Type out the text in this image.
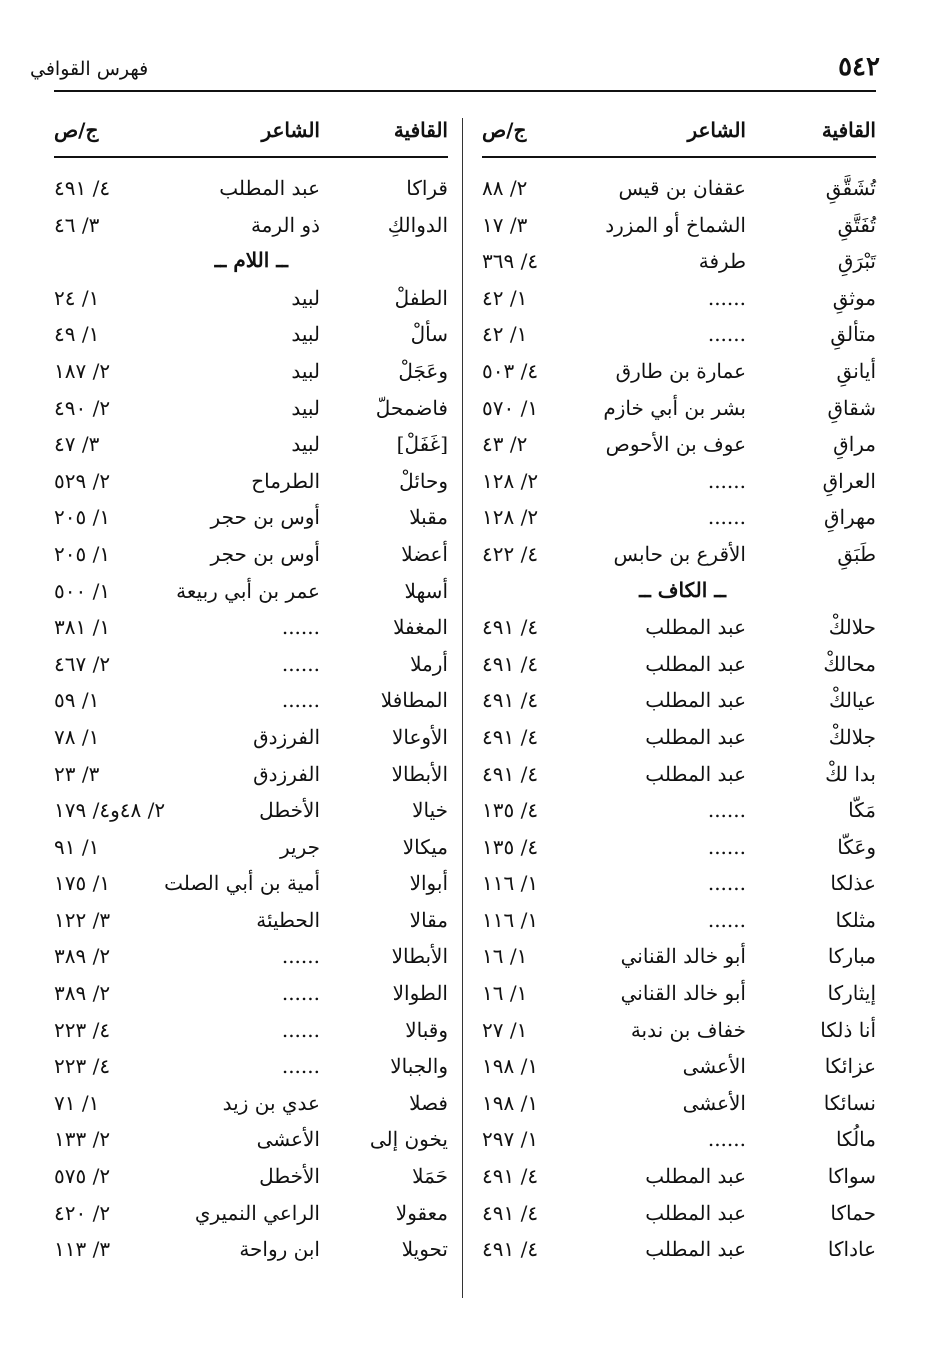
٥٤٢
فهرس القوافي
القافية
الشاعر
ج/ص
تُشَقَّقِ
عقفان بن قيس
٢/ ٨٨
تُفَتَّقِ
الشماخ أو المزرد
٣/ ١٧
تَبْرَقِ
طرفة
٤/ ٣٦٩
موثقِ
......
١/ ٤٢
متألقِ
......
١/ ٤٢
أيانقِ
عمارة بن طارق
٤/ ٥٠٣
شقاقِ
بشر بن أبي خازم
١/ ٥٧٠
مراقِ
عوف بن الأحوص
٢/ ٤٣
العراقِ
......
٢/ ١٢٨
مهراقِ
......
٢/ ١٢٨
طَبَقِ
الأقرع بن حابس
٤/ ٤٢٢
ــ الكاف ــ
حلالكْ
عبد المطلب
٤/ ٤٩١
محالكْ
عبد المطلب
٤/ ٤٩١
عيالكْ
عبد المطلب
٤/ ٤٩١
جلالكْ
عبد المطلب
٤/ ٤٩١
بدا لكْ
عبد المطلب
٤/ ٤٩١
مَكّا
......
٤/ ١٣٥
وعَكّا
......
٤/ ١٣٥
عذلكا
......
١/ ١١٦
مثلكا
......
١/ ١١٦
مباركا
أبو خالد القناني
١/ ١٦
إيثاركا
أبو خالد القناني
١/ ١٦
أنا ذلكا
خفاف بن ندبة
١/ ٢٧
عزائكا
الأعشى
١/ ١٩٨
نسائكا
الأعشى
١/ ١٩٨
مالُكا
......
١/ ٢٩٧
سواكا
عبد المطلب
٤/ ٤٩١
حماكا
عبد المطلب
٤/ ٤٩١
عاداكا
عبد المطلب
٤/ ٤٩١
القافية
الشاعر
ج/ص
قراكا
عبد المطلب
٤/ ٤٩١
الدوالكِ
ذو الرمة
٣/ ٤٦
ــ اللام ــ
الطفلْ
لبيد
١/ ٢٤
سألْ
لبيد
١/ ٤٩
وعَجَلْ
لبيد
٢/ ١٨٧
فاضمحلّ
لبيد
٢/ ٤٩٠
[غَفَلْ]
لبيد
٣/ ٤٧
وحائلْ
الطرماح
٢/ ٥٢٩
مقبلا
أوس بن حجر
١/ ٢٠٥
أعضلا
أوس بن حجر
١/ ٢٠٥
أسهلا
عمر بن أبي ربيعة
١/ ٥٠٠
المغفلا
......
١/ ٣٨١
أرملا
......
٢/ ٤٦٧
المطافلا
......
١/ ٥٩
الأوعالا
الفرزدق
١/ ٧٨
الأبطالا
الفرزدق
٣/ ٢٣
خيالا
الأخطل
٢/ ٤٨و٤/ ١٧٩
ميكالا
جرير
١/ ٩١
أبوالا
أمية بن أبي الصلت
١/ ١٧٥
مقالا
الحطيئة
٣/ ١٢٢
الأبطالا
......
٢/ ٣٨٩
الطوالا
......
٢/ ٣٨٩
وقبالا
......
٤/ ٢٢٣
والجبالا
......
٤/ ٢٢٣
فصلا
عدي بن زيد
١/ ٧١
يخون إلى
الأعشى
٢/ ١٣٣
حَمَلا
الأخطل
٢/ ٥٧٥
معقولا
الراعي النميري
٢/ ٤٢٠
تحويلا
ابن رواحة
٣/ ١١٣
